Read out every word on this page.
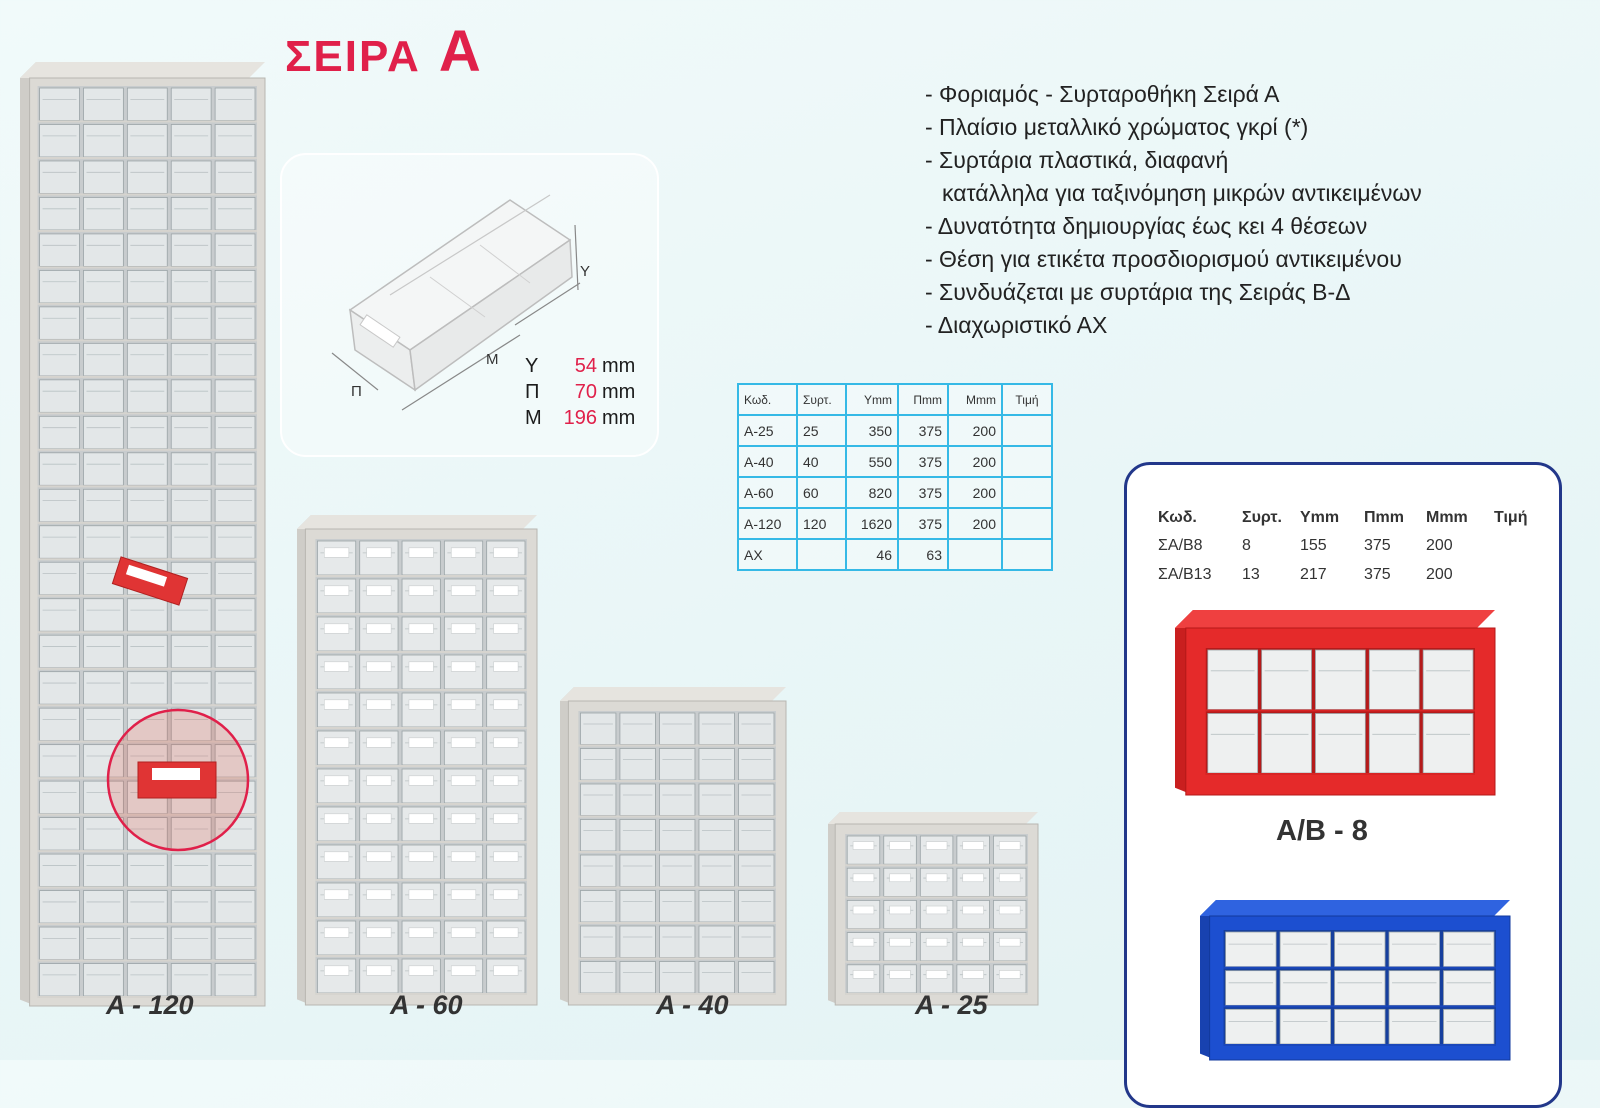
ΣΕΙΡΑ A
- Φοριαμός - Συρταροθήκη Σειρά Α
- Πλαίσιο μεταλλικό χρώματος γκρί (*)
- Συρτάρια πλαστικά, διαφανή
κατάλληλα για ταξινόμηση μικρών αντικειμένων
- Δυνατότητα δημιουργίας έως κει 4 θέσεων
- Θέση για ετικέτα προσδιορισμού αντικειμένου
- Συνδυάζεται με συρτάρια της Σειράς Β-Δ
- Διαχωριστικό ΑΧ
Y
Π
M Y 54 mm
Π 70 mm
M 196 mm
Κωδ.	Συρτ.	Υmm	Πmm	Μmm	Τιμή
A-25	25	350	375	200	
A-40	40	550	375	200	
A-60	60	820	375	200	
A-120	120	1620	375	200	
AX		46	63		
A - 120	A - 60	A - 40	A - 25
Κωδ.	Συρτ.	Υmm	Πmm	Μmm	Τιμή
ΣΑ/Β8	8	155	375	200	
ΣΑ/Β13	13	217	375	200	
A/B - 8
